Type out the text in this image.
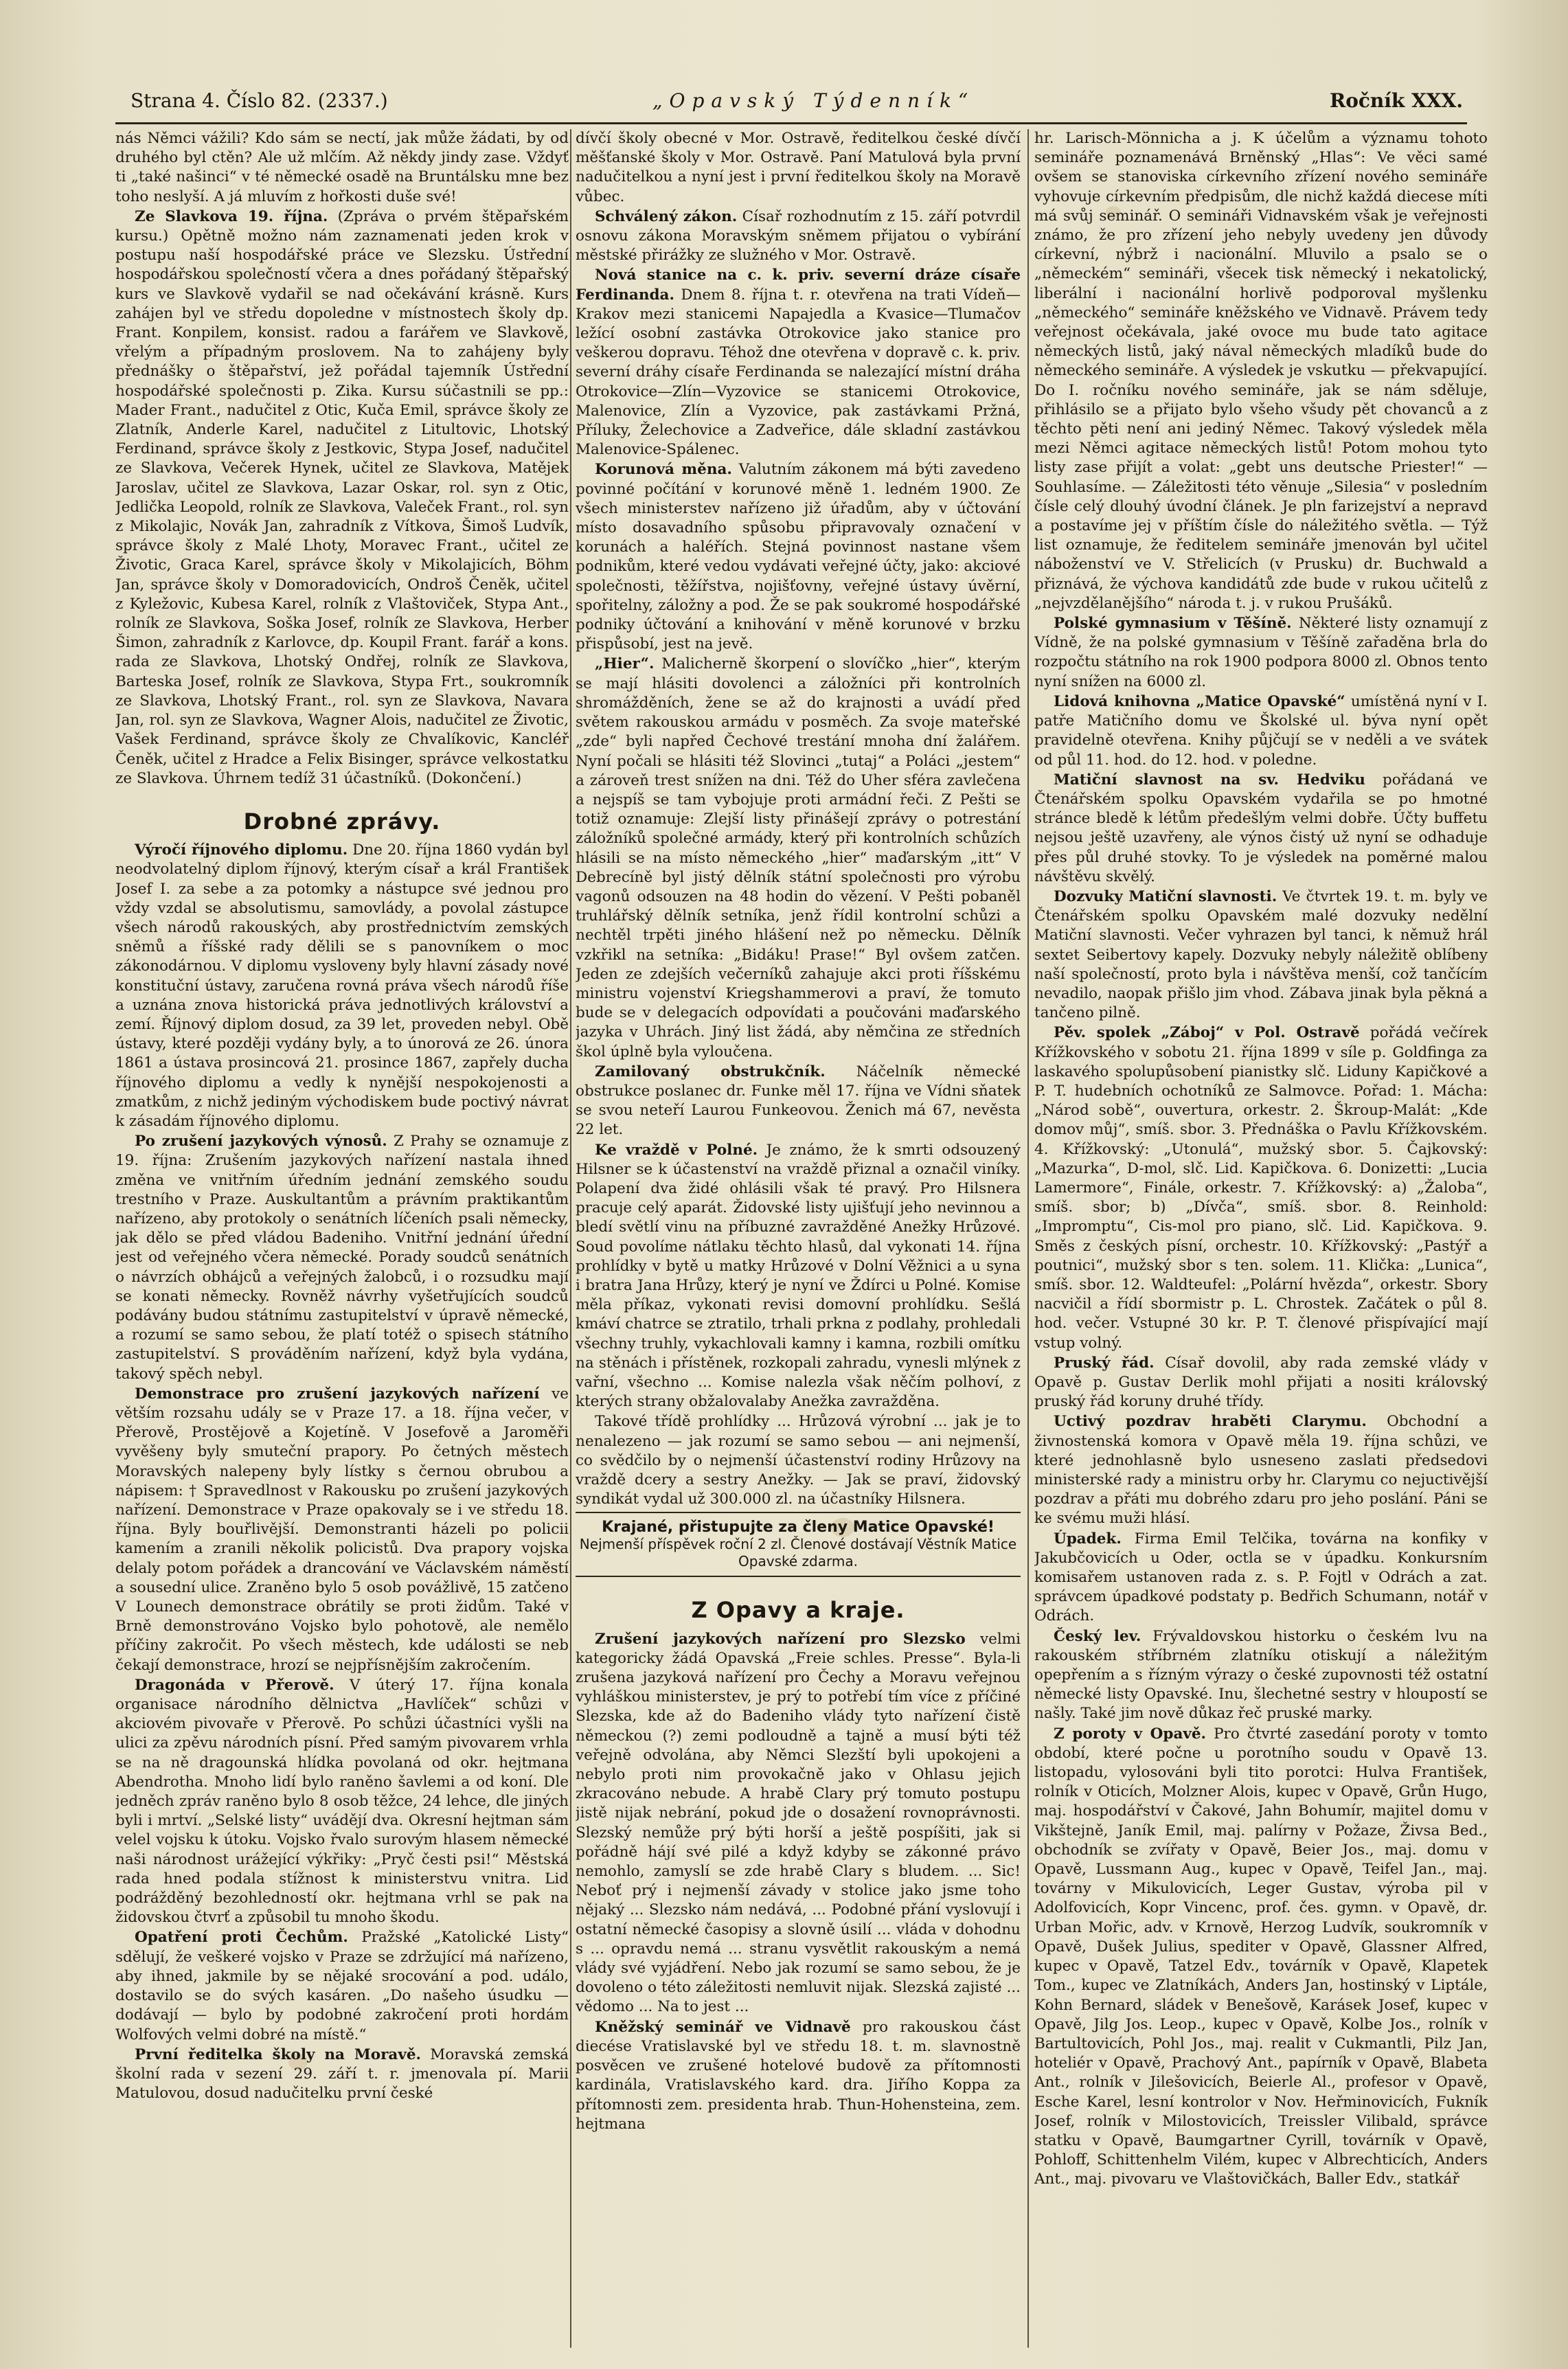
Strana 4. Číslo 82. (2337.)	„Opavský Týdenník“	Ročník XXX.

nás Němci vážili? Kdo sám se nectí, jak může žádati, by od druhého byl ctěn? Ale už mlčím. Až někdy jindy zase. Vždyť ti „také našinci“ v té německé osadě na Bruntálsku mne bez toho neslyší. A já mluvím z hořkosti duše své!

Ze Slavkova 19. října. (Zpráva o prvém štěpařském kursu.) Opětně možno nám zaznamenati jeden krok v postupu naší hospodářské práce ve Slezsku. Ústřední hospodářskou společností včera a dnes pořádaný štěpařský kurs ve Slavkově vydařil se nad očekávání krásně. Kurs zahájen byl ve středu dopoledne v místnostech školy dp. Frant. Konpilem, konsist. radou a farářem ve Slavkově, vřelým a případným proslovem. Na to zahájeny byly přednášky o štěpařství, jež pořádal tajemník Ústřední hospodářské společnosti p. Zika. Kursu súčastnili se pp.: Mader Frant., nadučitel z Otic, Kuča Emil, správce školy ze Zlatník, Anderle Karel, nadučitel z Litultovic, Lhotský Ferdinand, správce školy z Jestkovic, Stypa Josef, nadučitel ze Slavkova, Večerek Hynek, učitel ze Slavkova, Matějek Jaroslav, učitel ze Slavkova, Lazar Oskar, rol. syn z Otic, Jedlička Leopold, rolník ze Slavkova, Valeček Frant., rol. syn z Mikolajic, Novák Jan, zahradník z Vítkova, Šimoš Ludvík, správce školy z Malé Lhoty, Moravec Frant., učitel ze Životic, Graca Karel, správce školy v Mikolajicích, Böhm Jan, správce školy v Domoradovicích, Ondroš Čeněk, učitel z Kyležovic, Kubesa Karel, rolník z Vlaštoviček, Stypa Ant., rolník ze Slavkova, Soška Josef, rolník ze Slavkova, Herber Šimon, zahradník z Karlovce, dp. Koupil Frant. farář a kons. rada ze Slavkova, Lhotský Ondřej, rolník ze Slavkova, Barteska Josef, rolník ze Slavkova, Stypa Frt., soukromník ze Slavkova, Lhotský Frant., rol. syn ze Slavkova, Navara Jan, rol. syn ze Slavkova, Wagner Alois, nadučitel ze Životic, Vašek Ferdinand, správce školy ze Chvalíkovic, Kancléř Čeněk, učitel z Hradce a Felix Bisinger, správce velkostatku ze Slavkova. Úhrnem tedíž 31 účastníků. (Dokončení.)

Drobné zprávy.

Výročí říjnového diplomu. Dne 20. října 1860 vydán byl neodvolatelný diplom říjnový, kterým císař a král František Josef I. za sebe a za potomky a nástupce své jednou pro vždy vzdal se absolutismu, samovlády, a povolal zástupce všech národů rakouských, aby prostřednictvím zemských sněmů a říšské rady dělili se s panovníkem o moc zákonodárnou. V diplomu vysloveny byly hlavní zásady nové konstituční ústavy, zaručena rovná práva všech národů říše a uznána znova historická práva jednotlivých království a zemí. Říjnový diplom dosud, za 39 let, proveden nebyl. Obě ústavy, které později vydány byly, a to únorová ze 26. února 1861 a ústava prosincová 21. prosince 1867, zapřely ducha říjnového diplomu a vedly k nynější nespokojenosti a zmatkům, z nichž jediným východiskem bude poctivý návrat k zásadám říjnového diplomu.

Po zrušení jazykových výnosů. Z Prahy se oznamuje z 19. října: Zrušením jazykových nařízení nastala ihned změna ve vnitřním úředním jednání zemského soudu trestního v Praze. Auskultantům a právním praktikantům nařízeno, aby protokoly o senátních líčeních psali německy, jak dělo se před vládou Badeniho. Vnitřní jednání úřední jest od veřejného včera německé. Porady soudců senátních o návrzích obhájců a veřejných žalobců, i o rozsudku mají se konati německy. Rovněž návrhy vyšetřujících soudců podávány budou státnímu zastupitelství v úpravě německé, a rozumí se samo sebou, že platí totéž o spisech státního zastupitelství. S prováděním nařízení, když byla vydána, takový spěch nebyl.

Demonstrace pro zrušení jazykových nařízení ve větším rozsahu udály se v Praze 17. a 18. října večer, v Přerově, Prostějově a Kojetíně. V Josefově a Jaroměři vyvěšeny byly smuteční prapory. Po četných městech Moravských nalepeny byly lístky s černou obrubou a nápisem: † Spravedlnost v Rakousku po zrušení jazykových nařízení. Demonstrace v Praze opakovaly se i ve středu 18. října. Byly bouřlivější. Demonstranti házeli po policii kamením a zranili několik policistů. Dva prapory vojska delaly potom pořádek a drancování ve Václavském náměstí a sousední ulice. Zraněno bylo 5 osob povážlivě, 15 zatčeno V Lounech demonstrace obrátily se proti židům. Také v Brně demonstrováno Vojsko bylo pohotově, ale nemělo příčiny zakročit. Po všech městech, kde události se neb čekají demonstrace, hrozí se nejpřísnějším zakročením.

Dragonáda v Přerově. V úterý 17. října konala organisace národního dělnictva „Havlíček“ schůzi v akciovém pivovaře v Přerově. Po schůzi účastníci vyšli na ulici za zpěvu národních písní. Před samým pivovarem vrhla se na ně dragounská hlídka povolaná od okr. hejtmana Abendrotha. Mnoho lidí bylo raněno šavlemi a od koní. Dle jedněch zpráv raněno bylo 8 osob těžce, 24 lehce, dle jiných byli i mrtví. „Selské listy“ uvádějí dva. Okresní hejtman sám velel vojsku k útoku. Vojsko řvalo surovým hlasem německé naši národnost urážející výkřiky: „Pryč česti psi!“ Městská rada hned podala stížnost k ministerstvu vnitra. Lid podrážděný bezohledností okr. hejtmana vrhl se pak na židovskou čtvrť a způsobil tu mnoho škodu.

Opatření proti Čechům. Pražské „Katolické Listy“ sdělují, že veškeré vojsko v Praze se zdržující má nařízeno, aby ihned, jakmile by se nějaké srocování a pod. událo, dostavilo se do svých kasáren. „Do našeho úsudku — dodávají — bylo by podobné zakročení proti hordám Wolfových velmi dobré na místě.“

První ředitelka školy na Moravě. Moravská zemská školní rada v sezení 29. září t. r. jmenovala pí. Marii Matulovou, dosud nadučitelku první české

dívčí školy obecné v Mor. Ostravě, ředitelkou české dívčí měšťanské školy v Mor. Ostravě. Paní Matulová byla první nadučitelkou a nyní jest i první ředitelkou školy na Moravě vůbec.

Schválený zákon. Císař rozhodnutím z 15. září potvrdil osnovu zákona Moravským sněmem přijatou o vybírání městské přirážky ze služného v Mor. Ostravě.

Nová stanice na c. k. priv. severní dráze císaře Ferdinanda. Dnem 8. října t. r. otevřena na trati Vídeň—Krakov mezi stanicemi Napajedla a Kvasice—Tlumačov ležící osobní zastávka Otrokovice jako stanice pro veškerou dopravu. Téhož dne otevřena v dopravě c. k. priv. severní dráhy císaře Ferdinanda se nalezající místní dráha Otrokovice—Zlín—Vyzovice se stanicemi Otrokovice, Malenovice, Zlín a Vyzovice, pak zastávkami Pržná, Příluky, Želechovice a Zadveřice, dále skladní zastávkou Malenovice-Spálenec.

Korunová měna. Valutním zákonem má býti zavedeno povinné počítání v korunové měně 1. ledném 1900. Ze všech ministerstev nařízeno již úřadům, aby v účtování místo dosavadního spůsobu připravovaly označení v korunách a haléřích. Stejná povinnost nastane všem podnikům, které vedou vydávati veřejné účty, jako: akciové společnosti, těžířstva, nojišťovny, veřejné ústavy úvěrní, spořitelny, záložny a pod. Že se pak soukromé hospodářské podniky účtování a knihování v měně korunové v brzku přispůsobí, jest na jevě.

„Hier“. Malicherně škorpení o slovíčko „hier“, kterým se mají hlásiti dovolenci a záložníci při kontrolních shromážděních, žene se až do krajnosti a uvádí před světem rakouskou armádu v posměch. Za svoje mateřské „zde“ byli napřed Čechové trestání mnoha dní žalářem. Nyní počali se hlásiti též Slovinci „tutaj“ a Poláci „jestem“ a zároveň trest snížen na dni. Též do Uher sféra zavlečena a nejspíš se tam vybojuje proti armádní řeči. Z Pešti se totiž oznamuje: Zlejší listy přinášejí zprávy o potrestání záložníků společné armády, který při kontrolních schůzích hlásili se na místo německého „hier“ maďarským „itt“ V Debrecíně byl jistý dělník státní společnosti pro výrobu vagonů odsouzen na 48 hodin do vězení. V Pešti pobaněl truhlářský dělník setníka, jenž řídil kontrolní schůzi a nechtěl trpěti jiného hlášení než po německu. Dělník vzkřikl na setníka: „Bidáku! Prase!“ Byl ovšem zatčen. Jeden ze zdejších večerníků zahajuje akci proti říšskému ministru vojenství Kriegshammerovi a praví, že tomuto bude se v delegacích odpovídati a poučováni maďarského jazyka v Uhrách. Jiný list žádá, aby němčina ze středních škol úplně byla vyloučena.

Zamilovaný obstrukčník. Náčelník německé obstrukce poslanec dr. Funke měl 17. října ve Vídni sňatek se svou neteří Laurou Funkeovou. Ženich má 67, nevěsta 22 let.

Ke vraždě v Polné. Je známo, že k smrti odsouzený Hilsner se k účastenství na vraždě přiznal a označil viníky. Polapení dva židé ohlásili však té pravý. Pro Hilsnera pracuje celý aparát. Židovské listy ujišťují jeho nevinnou a bledí světlí vinu na příbuzné zavražděné Anežky Hrůzové. Soud povolíme nátlaku těchto hlasů, dal vykonati 14. října prohlídky v bytě u matky Hrůzové v Dolní Věžnici a u syna i bratra Jana Hrůzy, který je nyní ve Ždírci u Polné. Komise měla příkaz, vykonati revisi domovní prohlídku. Sešlá kmáví chatrce se ztratilo, trhali prkna z podlahy, prohledali všechny truhly, vykachlovali kamny i kamna, rozbili omítku na stěnách i přístěnek, rozkopali zahradu, vynesli mlýnek z vařní, všechno ... Komise nalezla však něčím polhoví, z kterých strany obžalovalaby Anežka zavražděna.

Takové třídě prohlídky ... Hrůzová výrobní ... jak je to nenalezeno — jak rozumí se samo sebou — ani nejmenší, co svědčilo by o nejmenší účastenství rodiny Hrůzovy na vraždě dcery a sestry Anežky. — Jak se praví, židovský syndikát vydal už 300.000 zl. na účastníky Hilsnera.

Krajané, přistupujte za členy Matice Opavské!
Nejmenší příspěvek roční 2 zl. Členové dostávají Věstník Matice Opavské zdarma.
Z Opavy a kraje.

Zrušení jazykových nařízení pro Slezsko velmi kategoricky žádá Opavská „Freie schles. Presse“. Byla-li zrušena jazyková nařízení pro Čechy a Moravu veřejnou vyhláškou ministerstev, je prý to potřebí tím více z příčiné Slezska, kde až do Badeniho vlády tyto nařízení čistě německou (?) zemi podloudně a tajně a musí býti též veřejně odvolána, aby Němci Slezští byli upokojeni a nebylo proti nim provokačně jako v Ohlasu jejich zkracováno nebude. A hrabě Clary prý tomuto postupu jistě nijak nebrání, pokud jde o dosažení rovnoprávnosti. Slezský nemůže prý býti horší a ještě pospíšiti, jak si pořádně hájí své pilé a když kdyby se zákonné právo nemohlo, zamyslí se zde hrabě Clary s bludem. ... Sic! Neboť prý i nejmenší závady v stolice jako jsme toho nějaký ... Slezsko nám nedává, ... Podobné přání vyslovují i ostatní německé časopisy a slovně úsilí ... vláda v dohodnu s ... opravdu nemá ... stranu vysvětlit rakouským a nemá vlády své vyjádření. Nebo jak rozumí se samo sebou, že je dovoleno o této záležitosti nemluvit nijak. Slezská zajisté ... vědomo ... Na to jest ...

Kněžský seminář ve Vidnavě pro rakouskou část diecése Vratislavské byl ve středu 18. t. m. slavnostně posvěcen ve zrušené hotelové budově za přítomnosti kardinála, Vratislavského kard. dra. Jiřího Koppa za přítomnosti zem. presidenta hrab. Thun-Hohensteina, zem. hejtmana

hr. Larisch-Mönnicha a j. K účelům a významu tohoto semináře poznamenává Brněnský „Hlas“: Ve věci samé ovšem se stanoviska církevního zřízení nového semináře vyhovuje církevním předpisům, dle nichž každá diecese míti má svůj seminář. O semináři Vidnavském však je veřejnosti známo, že pro zřízení jeho nebyly uvedeny jen důvody církevní, nýbrž i nacionální. Mluvilo a psalo se o „německém“ semináři, všecek tisk německý i nekatolický, liberální i nacionální horlivě podporoval myšlenku „německého“ semináře kněžského ve Vidnavě. Právem tedy veřejnost očekávala, jaké ovoce mu bude tato agitace německých listů, jaký nával německých mladíků bude do německého semináře. A výsledek je vskutku — překvapující. Do I. ročníku nového semináře, jak se nám sděluje, přihlásilo se a přijato bylo všeho všudy pět chovanců a z těchto pěti není ani jediný Němec. Takový výsledek měla mezi Němci agitace německých listů! Potom mohou tyto listy zase přijít a volat: „gebt uns deutsche Priester!“ — Souhlasíme. — Záležitosti této věnuje „Silesia“ v posledním čísle celý dlouhý úvodní článek. Je pln farizejství a nepravd a postavíme jej v příštím čísle do náležitého světla. — Týž list oznamuje, že ředitelem semináře jmenován byl učitel náboženství ve V. Střelicích (v Prusku) dr. Buchwald a přiznává, že výchova kandidátů zde bude v rukou učitelů z „nejvzdělanějšího“ národa t. j. v rukou Prušáků.

Polské gymnasium v Těšíně. Některé listy oznamují z Vídně, že na polské gymnasium v Těšíně zařaděna brla do rozpočtu státního na rok 1900 podpora 8000 zl. Obnos tento nyní snížen na 6000 zl.

Lidová knihovna „Matice Opavské“ umístěná nyní v I. patře Matičního domu ve Školské ul. býva nyní opět pravidelně otevřena. Knihy půjčují se v neděli a ve svátek od půl 11. hod. do 12. hod. v poledne.

Matiční slavnost na sv. Hedviku pořádaná ve Čtenářském spolku Opavském vydařila se po hmotné stránce bledě k létům předešlým velmi dobře. Účty buffetu nejsou ještě uzavřeny, ale výnos čistý už nyní se odhaduje přes půl druhé stovky. To je výsledek na poměrné malou návštěvu skvělý.

Dozvuky Matiční slavnosti. Ve čtvrtek 19. t. m. byly ve Čtenářském spolku Opavském malé dozvuky nedělní Matiční slavnosti. Večer vyhrazen byl tanci, k němuž hrál sextet Seibertovy kapely. Dozvuky nebyly náležitě oblíbeny naší společností, proto byla i návštěva menší, což tančícím nevadilo, naopak přišlo jim vhod. Zábava jinak byla pěkná a tančeno pilně.

Pěv. spolek „Záboj“ v Pol. Ostravě pořádá večírek Křížkovského v sobotu 21. října 1899 v síle p. Goldfinga za laskavého spolupůsobení pianistky slč. Liduny Kapičkové a P. T. hudebních ochotníků ze Salmovce. Pořad: 1. Mácha: „Národ sobě“, ouvertura, orkestr. 2. Škroup-Malát: „Kde domov můj“, smíš. sbor. 3. Přednáška o Pavlu Křížkovském. 4. Křížkovský: „Utonulá“, mužský sbor. 5. Čajkovský: „Mazurka“, D-mol, slč. Lid. Kapičkova. 6. Donizetti: „Lucia Lamermore“, Finále, orkestr. 7. Křížkovský: a) „Žaloba“, smíš. sbor; b) „Dívča“, smíš. sbor. 8. Reinhold: „Impromptu“, Cis-mol pro piano, slč. Lid. Kapičkova. 9. Směs z českých písní, orchestr. 10. Křížkovský: „Pastýř a poutnici“, mužský sbor s ten. solem. 11. Klička: „Lunica“, smíš. sbor. 12. Waldteufel: „Polární hvězda“, orkestr. Sbory nacvičil a řídí sbormistr p. L. Chrostek. Začátek o půl 8. hod. večer. Vstupné 30 kr. P. T. členové přispívající mají vstup volný.

Pruský řád. Císař dovolil, aby rada zemské vlády v Opavě p. Gustav Derlik mohl přijati a nositi královský pruský řád koruny druhé třídy.

Uctivý pozdrav hraběti Clarymu. Obchodní a živnostenská komora v Opavě měla 19. října schůzi, ve které jednohlasně bylo usneseno zaslati předsedovi ministerské rady a ministru orby hr. Clarymu co nejuctivější pozdrav a přáti mu dobrého zdaru pro jeho poslání. Páni se ke svému muži hlásí.

Úpadek. Firma Emil Telčika, továrna na konfiky v Jakubčovicích u Oder, octla se v úpadku. Konkursním komisařem ustanoven rada z. s. P. Fojtl v Odrách a zat. správcem úpadkové podstaty p. Bedřich Schumann, notář v Odrách.

Český lev. Frývaldovskou historku o českém lvu na rakouském stříbrném zlatníku otiskují a náležitým opepřením a s řízným výrazy o české zupovnosti též ostatní německé listy Opavské. Inu, šlechetné sestry v hloupostí se našly. Také jim nově důkaz řeč pruské marky.

Z poroty v Opavě. Pro čtvrté zasedání poroty v tomto období, které počne u porotního soudu v Opavě 13. listopadu, vylosováni byli tito porotci: Hulva František, rolník v Oticích, Molzner Alois, kupec v Opavě, Grůn Hugo, maj. hospodářství v Čakové, Jahn Bohumír, majitel domu v Vikštejně, Janík Emil, maj. palírny v Požaze, Živsa Bed., obchodník se zvířaty v Opavě, Beier Jos., maj. domu v Opavě, Lussmann Aug., kupec v Opavě, Teifel Jan., maj. továrny v Mikulovicích, Leger Gustav, výroba pil v Adolfovicích, Kopr Vincenc, prof. čes. gymn. v Opavě, dr. Urban Mořic, adv. v Krnově, Herzog Ludvík, soukromník v Opavě, Dušek Julius, spediter v Opavě, Glassner Alfred, kupec v Opavě, Tatzel Edv., továrník v Opavě, Klapetek Tom., kupec ve Zlatníkách, Anders Jan, hostinský v Liptále, Kohn Bernard, sládek v Benešově, Karásek Josef, kupec v Opavě, Jilg Jos. Leop., kupec v Opavě, Kolbe Jos., rolník v Bartultovicích, Pohl Jos., maj. realit v Cukmantli, Pilz Jan, hoteliér v Opavě, Prachový Ant., papírník v Opavě, Blabeta Ant., rolník v Jilešovicích, Beierle Al., profesor v Opavě, Esche Karel, lesní kontrolor v Nov. Heřminovicích, Fukník Josef, rolník v Milostovicích, Treissler Vilibald, správce statku v Opavě, Baumgartner Cyrill, továrník v Opavě, Pohloff, Schittenhelm Vilém, kupec v Albrechticích, Anders Ant., maj. pivovaru ve Vlaštovičkách, Baller Edv., statkář
